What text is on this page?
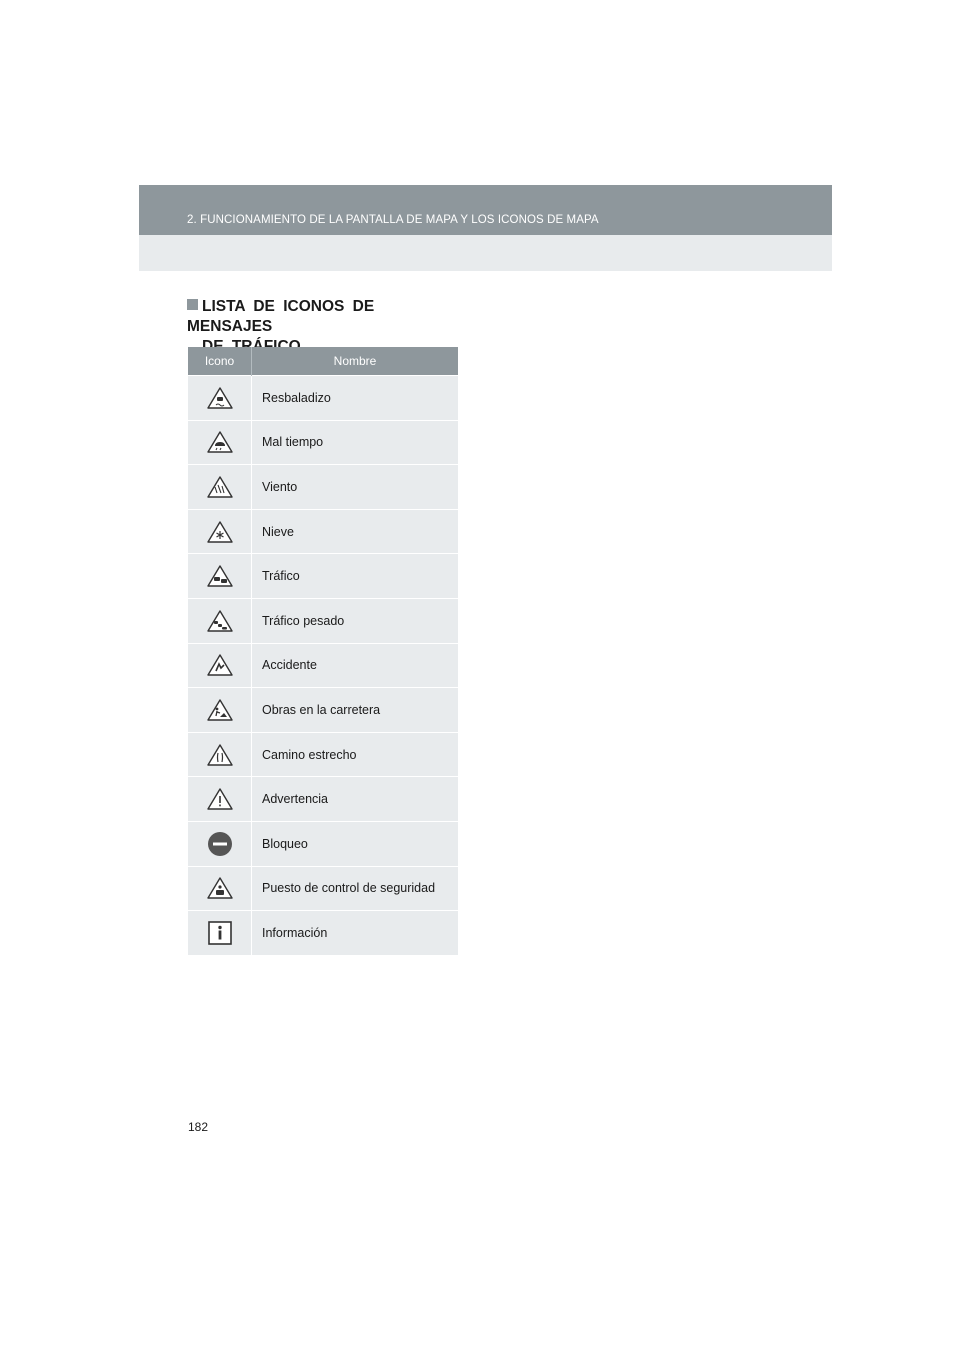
2. FUNCIONAMIENTO DE LA PANTALLA DE MAPA Y LOS ICONOS DE MAPA
LISTA DE ICONOS DE MENSAJES
Icono	Nombre
	Resbaladizo
	Mal tiempo
	Viento
	Nieve
	Tráfico
	Tráfico pesado
	Accidente
	Obras en la carretera
	Camino estrecho
	Advertencia
	Bloqueo
	Puesto de control de seguridad
	Información
182
